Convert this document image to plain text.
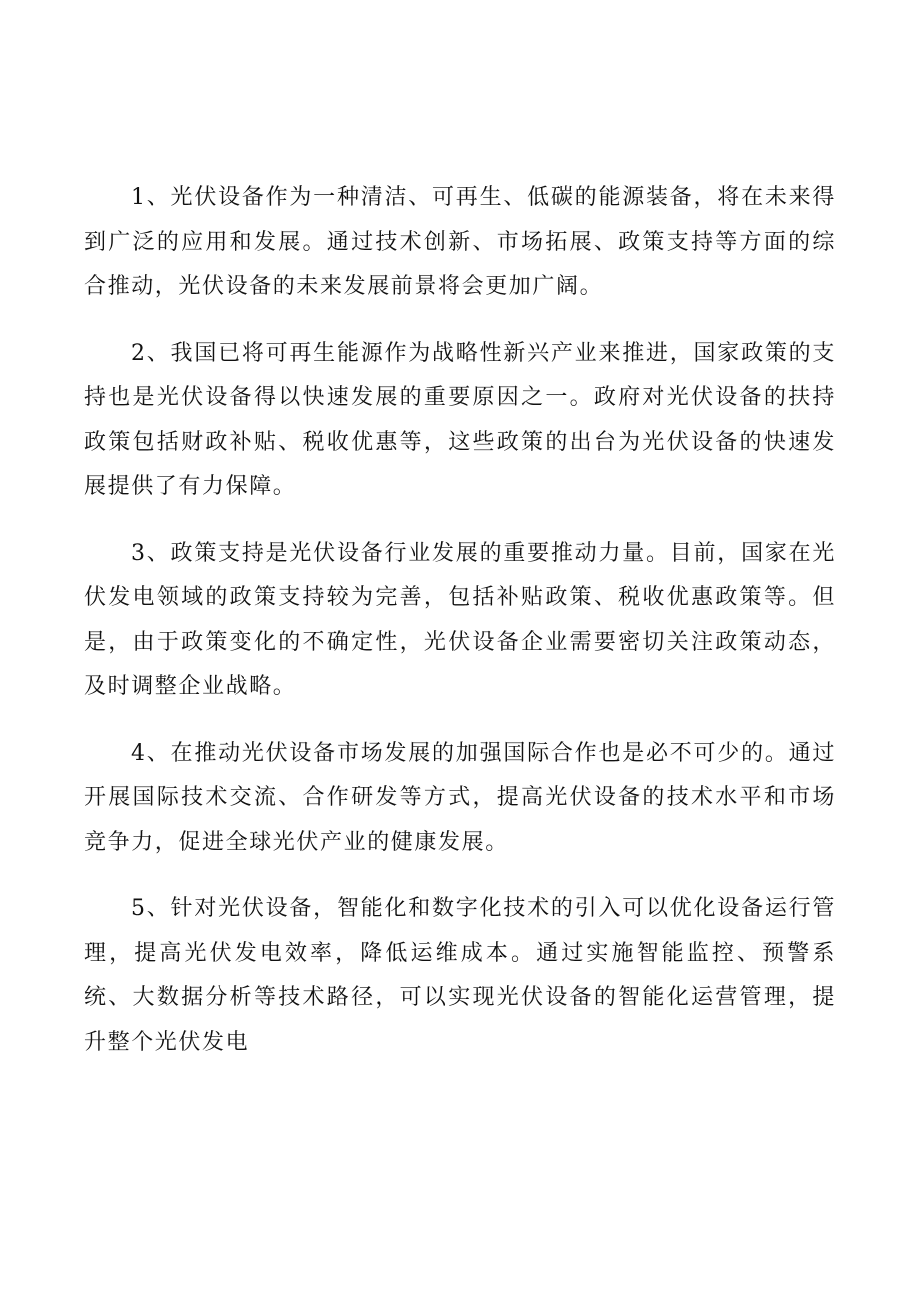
1、光伏设备作为一种清洁、可再生、低碳的能源装备，将在未来得到广泛的应用和发展。通过技术创新、市场拓展、政策支持等方面的综合推动，光伏设备的未来发展前景将会更加广阔。

2、我国已将可再生能源作为战略性新兴产业来推进，国家政策的支持也是光伏设备得以快速发展的重要原因之一。政府对光伏设备的扶持政策包括财政补贴、税收优惠等，这些政策的出台为光伏设备的快速发展提供了有力保障。

3、政策支持是光伏设备行业发展的重要推动力量。目前，国家在光伏发电领域的政策支持较为完善，包括补贴政策、税收优惠政策等。但是，由于政策变化的不确定性，光伏设备企业需要密切关注政策动态，及时调整企业战略。

4、在推动光伏设备市场发展的加强国际合作也是必不可少的。通过开展国际技术交流、合作研发等方式，提高光伏设备的技术水平和市场竞争力，促进全球光伏产业的健康发展。

5、针对光伏设备，智能化和数字化技术的引入可以优化设备运行管理，提高光伏发电效率，降低运维成本。通过实施智能监控、预警系统、大数据分析等技术路径，可以实现光伏设备的智能化运营管理，提升整个光伏发电
